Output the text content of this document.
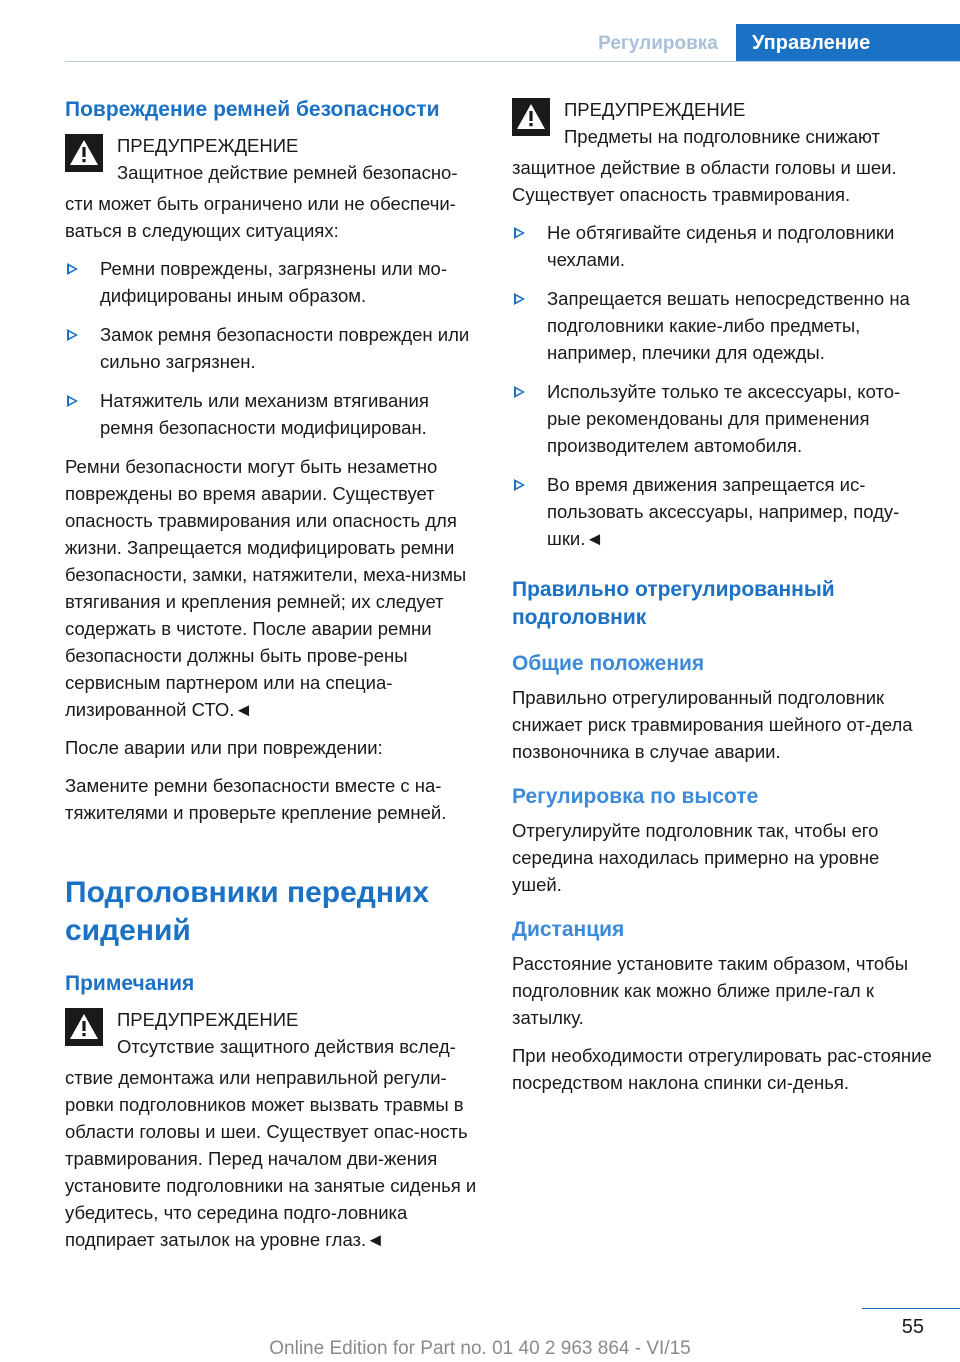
Регулировка	Управление

Повреждение ремней безопасности

ПРЕДУПРЕЖДЕНИЕ

Защитное действие ремней безопасно‐

сти может быть ограничено или не обеспечи‐ваться в следующих ситуациях:

Ремни повреждены, загрязнены или мо‐дифицированы иным образом.

Замок ремня безопасности поврежден или сильно загрязнен.

Натяжитель или механизм втягивания ремня безопасности модифицирован.

Ремни безопасности могут быть незаметно повреждены во время аварии. Существует опасность травмирования или опасность для жизни. Запрещается модифицировать ремни безопасности, замки, натяжители, меха‐низмы втягивания и крепления ремней; их следует содержать в чистоте. После аварии ремни безопасности должны быть прове‐рены сервисным партнером или на специа‐лизированной СТО.◄

После аварии или при повреждении:

Замените ремни безопасности вместе с на‐тяжителями и проверьте крепление ремней.

Подголовники передних сидений

Примечания

ПРЕДУПРЕЖДЕНИЕ

Отсутствие защитного действия вслед‐

ствие демонтажа или неправильной регули‐ровки подголовников может вызвать травмы в области головы и шеи. Существует опас‐ность травмирования. Перед началом дви‐жения установите подголовники на занятые сиденья и убедитесь, что середина подго‐ловника подпирает затылок на уровне глаз.◄

ПРЕДУПРЕЖДЕНИЕ

Предметы на подголовнике снижают

защитное действие в области головы и шеи. Существует опасность травмирования.

Не обтягивайте сиденья и подголовники чехлами.

Запрещается вешать непосредственно на подголовники какие-либо предметы, например, плечики для одежды.

Используйте только те аксессуары, кото‐рые рекомендованы для применения производителем автомобиля.

Во время движения запрещается ис‐пользовать аксессуары, например, поду‐шки.◄

Правильно отрегулированный подголовник

Общие положения

Правильно отрегулированный подголовник снижает риск травмирования шейного от‐дела позвоночника в случае аварии.

Регулировка по высоте

Отрегулируйте подголовник так, чтобы его середина находилась примерно на уровне ушей.

Дистанция

Расстояние установите таким образом, чтобы подголовник как можно ближе прилe‐гал к затылку.

При необходимости отрегулировать рас‐стояние посредством наклона спинки си‐денья.

55
Online Edition for Part no. 01 40 2 963 864 - VI/15
